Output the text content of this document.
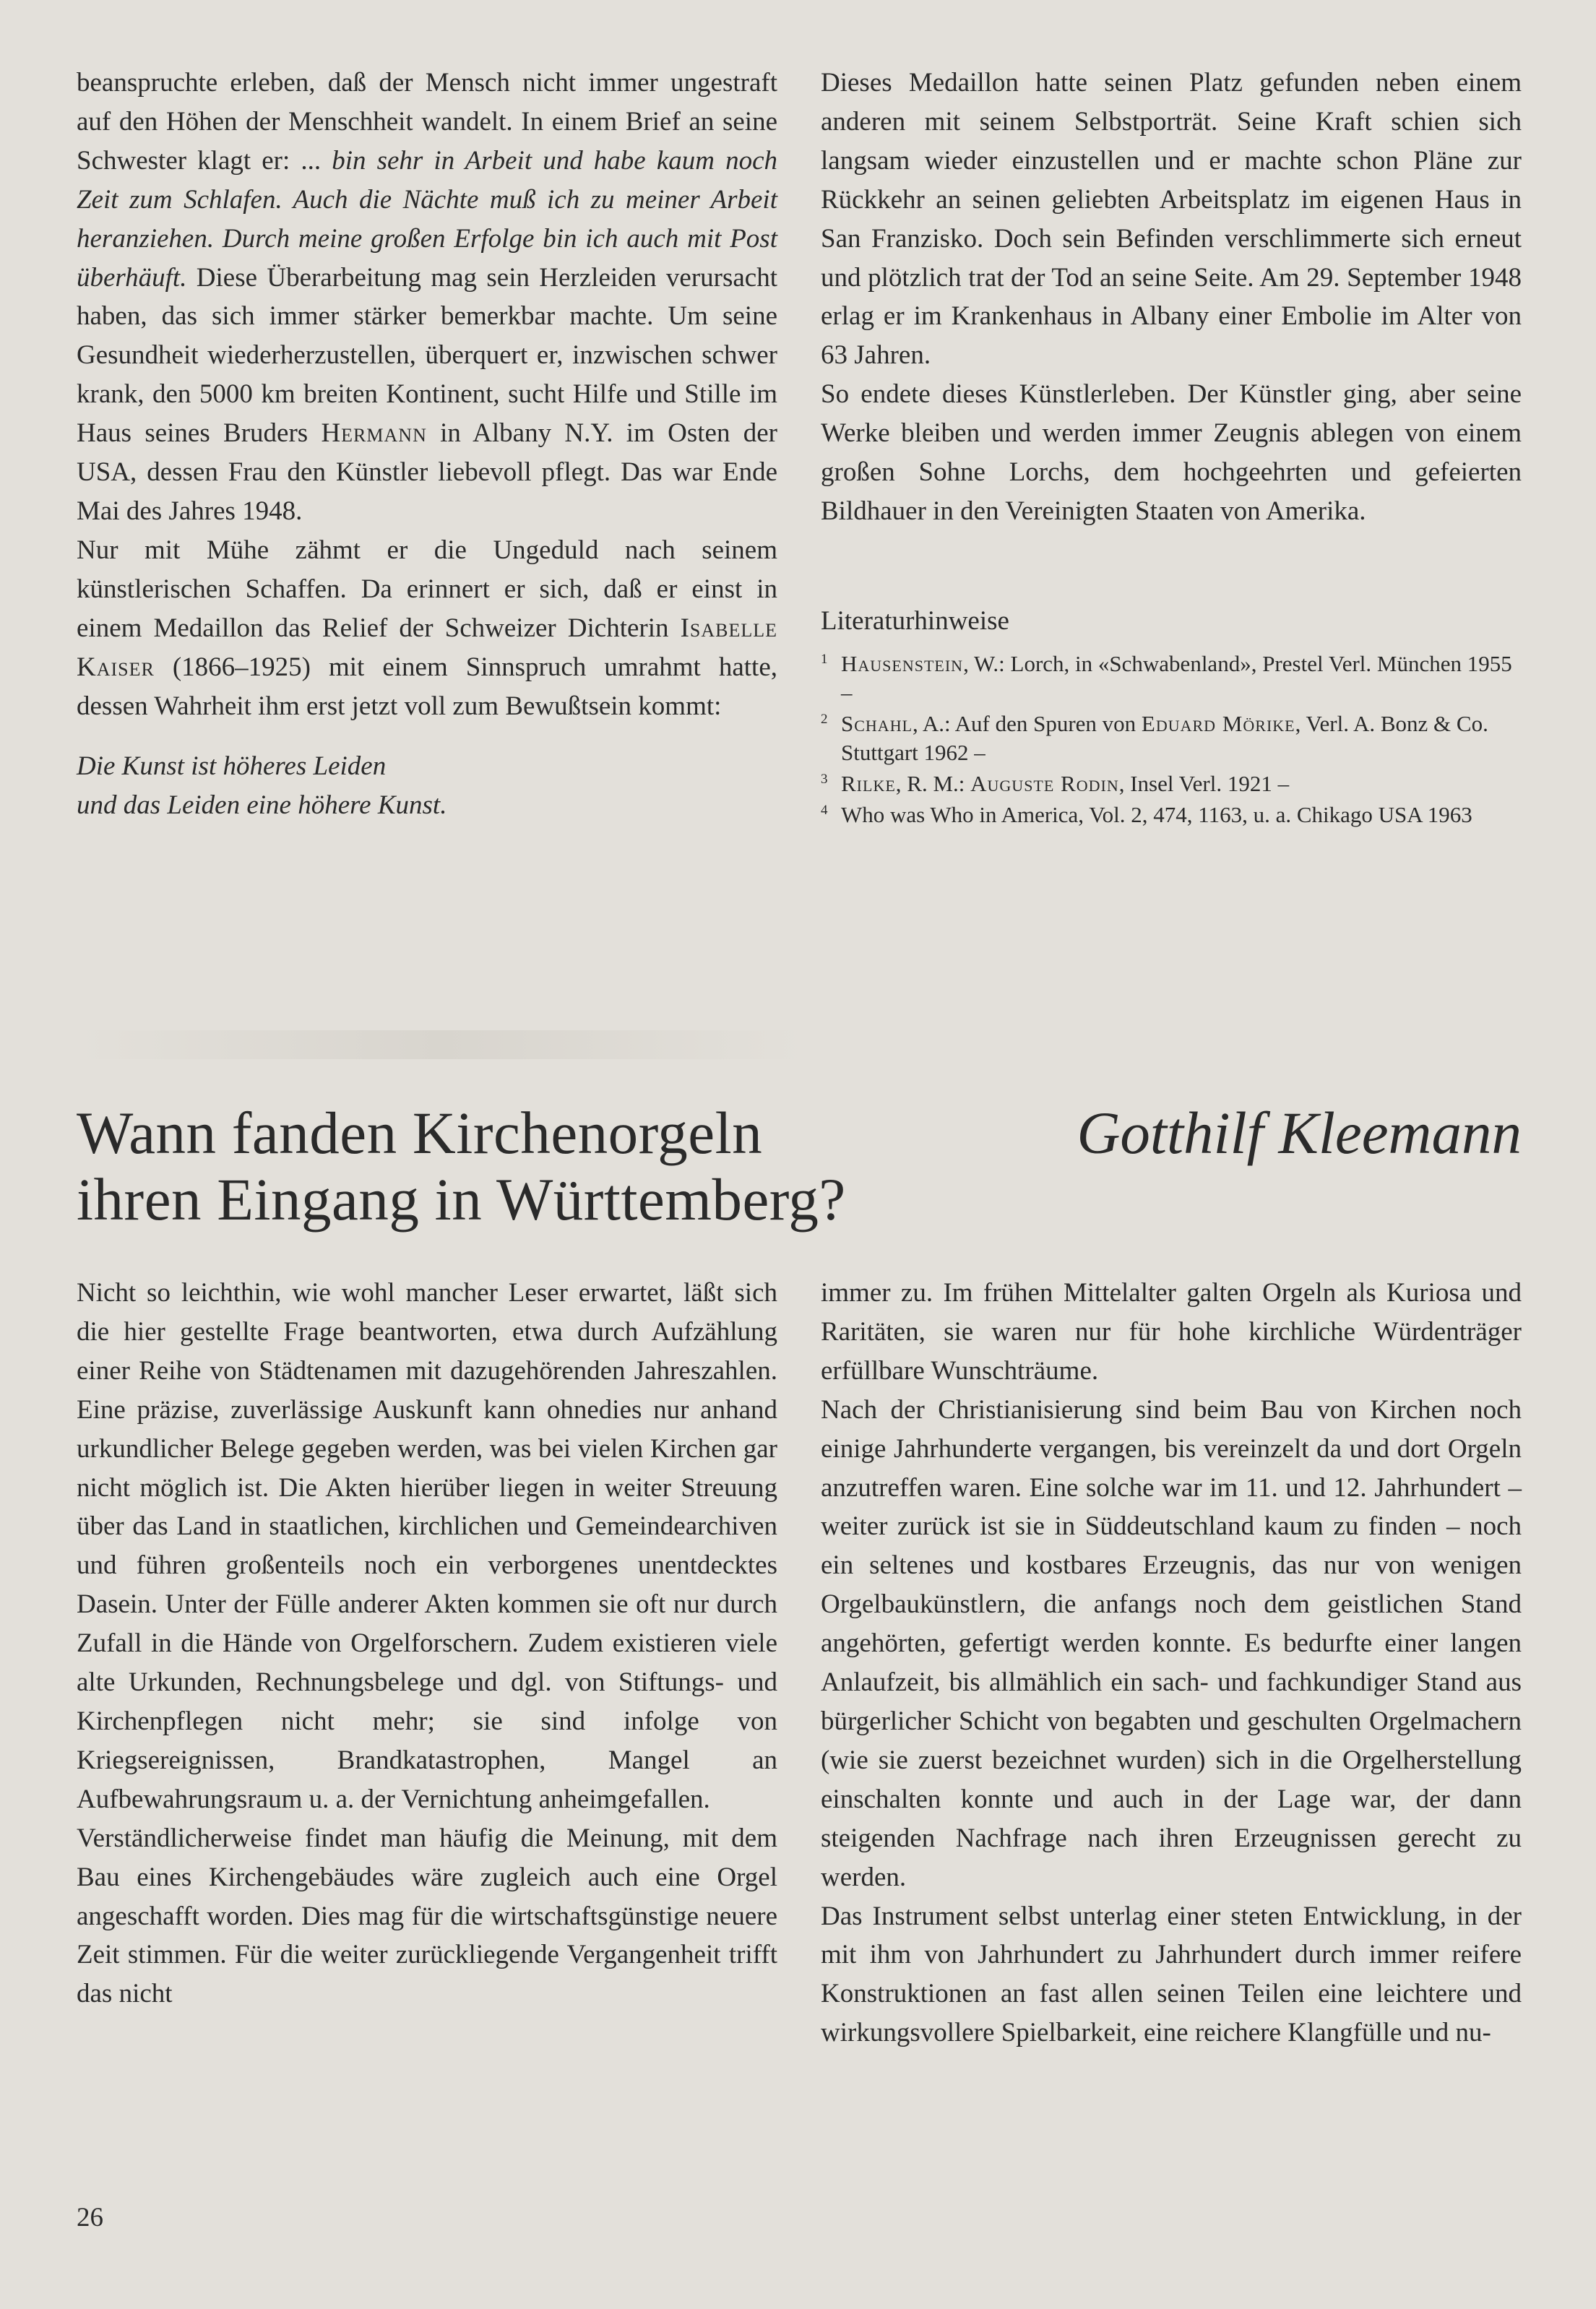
beanspruchte erleben, daß der Mensch nicht immer ungestraft auf den Höhen der Menschheit wandelt. In einem Brief an seine Schwester klagt er: ... bin sehr in Arbeit und habe kaum noch Zeit zum Schlafen. Auch die Nächte muß ich zu meiner Arbeit heranziehen. Durch meine großen Erfolge bin ich auch mit Post überhäuft. Diese Überarbeitung mag sein Herzleiden verursacht haben, das sich immer stärker bemerkbar machte. Um seine Gesundheit wiederherzustellen, überquert er, inzwischen schwer krank, den 5000 km breiten Kontinent, sucht Hilfe und Stille im Haus seines Bruders Hermann in Albany N.Y. im Osten der USA, dessen Frau den Künstler liebevoll pflegt. Das war Ende Mai des Jahres 1948.

Nur mit Mühe zähmt er die Ungeduld nach seinem künstlerischen Schaffen. Da erinnert er sich, daß er einst in einem Medaillon das Relief der Schweizer Dichterin Isabelle Kaiser (1866–1925) mit einem Sinnspruch umrahmt hatte, dessen Wahrheit ihm erst jetzt voll zum Bewußtsein kommt:

Die Kunst ist höheres Leiden
und das Leiden eine höhere Kunst.

Dieses Medaillon hatte seinen Platz gefunden neben einem anderen mit seinem Selbstporträt. Seine Kraft schien sich langsam wieder einzustellen und er machte schon Pläne zur Rückkehr an seinen geliebten Arbeitsplatz im eigenen Haus in San Franzisko. Doch sein Befinden verschlimmerte sich erneut und plötzlich trat der Tod an seine Seite. Am 29. September 1948 erlag er im Krankenhaus in Albany einer Embolie im Alter von 63 Jahren.

So endete dieses Künstlerleben. Der Künstler ging, aber seine Werke bleiben und werden immer Zeugnis ablegen von einem großen Sohne Lorchs, dem hochgeehrten und gefeierten Bildhauer in den Vereinigten Staaten von Amerika.

Literaturhinweise

1 Hausenstein, W.: Lorch, in «Schwabenland», Prestel Verl. München 1955 –
2 Schahl, A.: Auf den Spuren von Eduard Mörike, Verl. A. Bonz & Co. Stuttgart 1962 –
3 Rilke, R. M.: Auguste Rodin, Insel Verl. 1921 –
4 Who was Who in America, Vol. 2, 474, 1163, u. a. Chikago USA 1963
Wann fanden Kirchenorgeln
ihren Eingang in Württemberg?
Gotthilf Kleemann

Nicht so leichthin, wie wohl mancher Leser erwartet, läßt sich die hier gestellte Frage beantworten, etwa durch Aufzählung einer Reihe von Städtenamen mit dazugehörenden Jahreszahlen. Eine präzise, zuverlässige Auskunft kann ohnedies nur anhand urkundlicher Belege gegeben werden, was bei vielen Kirchen gar nicht möglich ist. Die Akten hierüber liegen in weiter Streuung über das Land in staatlichen, kirchlichen und Gemeindearchiven und führen großenteils noch ein verborgenes unentdecktes Dasein. Unter der Fülle anderer Akten kommen sie oft nur durch Zufall in die Hände von Orgelforschern. Zudem existieren viele alte Urkunden, Rechnungsbelege und dgl. von Stiftungs- und Kirchenpflegen nicht mehr; sie sind infolge von Kriegsereignissen, Brandkatastrophen, Mangel an Aufbewahrungsraum u. a. der Vernichtung anheimgefallen.

Verständlicherweise findet man häufig die Meinung, mit dem Bau eines Kirchengebäudes wäre zugleich auch eine Orgel angeschafft worden. Dies mag für die wirtschaftsgünstige neuere Zeit stimmen. Für die weiter zurückliegende Vergangenheit trifft das nicht

immer zu. Im frühen Mittelalter galten Orgeln als Kuriosa und Raritäten, sie waren nur für hohe kirchliche Würdenträger erfüllbare Wunschträume.

Nach der Christianisierung sind beim Bau von Kirchen noch einige Jahrhunderte vergangen, bis vereinzelt da und dort Orgeln anzutreffen waren. Eine solche war im 11. und 12. Jahrhundert – weiter zurück ist sie in Süddeutschland kaum zu finden – noch ein seltenes und kostbares Erzeugnis, das nur von wenigen Orgelbaukünstlern, die anfangs noch dem geistlichen Stand angehörten, gefertigt werden konnte. Es bedurfte einer langen Anlaufzeit, bis allmählich ein sach- und fachkundiger Stand aus bürgerlicher Schicht von begabten und geschulten Orgelmachern (wie sie zuerst bezeichnet wurden) sich in die Orgelherstellung einschalten konnte und auch in der Lage war, der dann steigenden Nachfrage nach ihren Erzeugnissen gerecht zu werden.

Das Instrument selbst unterlag einer steten Entwicklung, in der mit ihm von Jahrhundert zu Jahrhundert durch immer reifere Konstruktionen an fast allen seinen Teilen eine leichtere und wirkungsvollere Spielbarkeit, eine reichere Klangfülle und nu-

26
